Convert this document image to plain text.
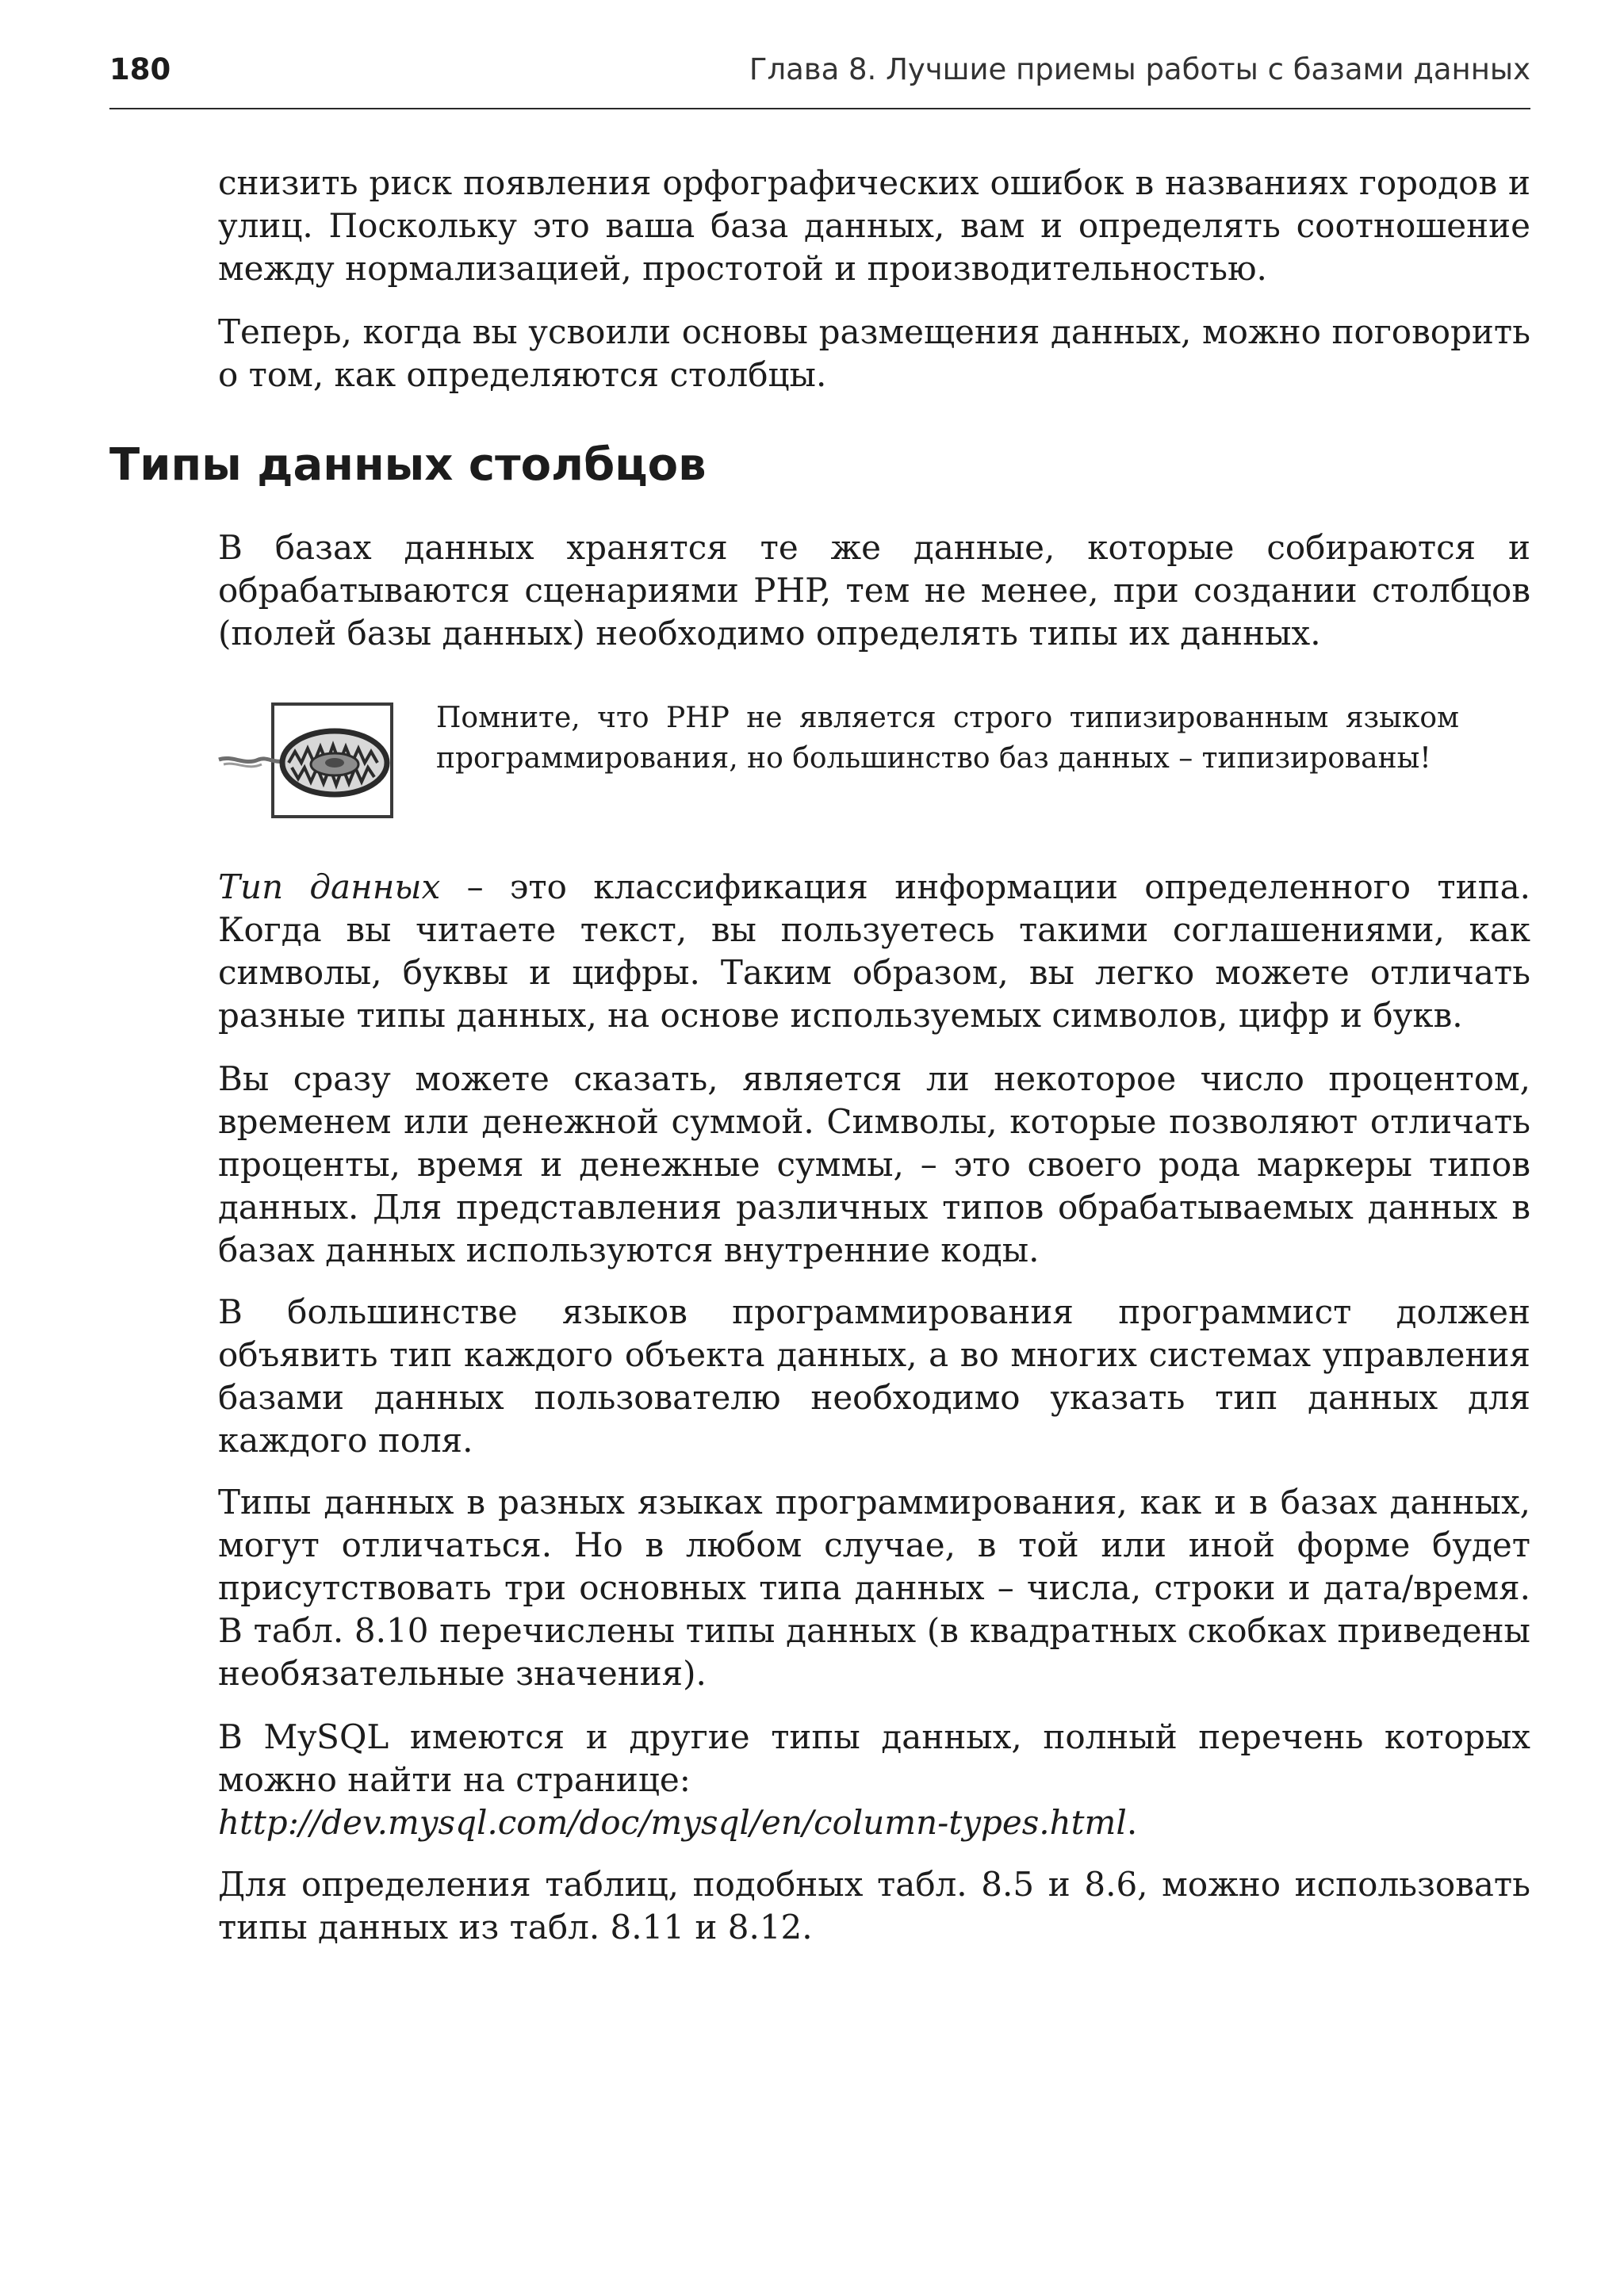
180	Глава 8. Лучшие приемы работы с базами данных

снизить риск появления орфографических ошибок в названиях городов и улиц. Поскольку это ваша база данных, вам и определять соотношение между нормализацией, простотой и производительностью.

Теперь, когда вы усвоили основы размещения данных, можно поговорить о том, как определяются столбцы.

Типы данных столбцов

В базах данных хранятся те же данные, которые собираются и обрабатываются сценариями PHP, тем не менее, при создании столбцов (полей базы данных) необходимо определять типы их данных.

Помните, что PHP не является строго типизированным языком программирования, но большинство баз данных – типизированы!

Тип данных – это классификация информации определенного типа. Когда вы читаете текст, вы пользуетесь такими соглашениями, как символы, буквы и цифры. Таким образом, вы легко можете отличать разные типы данных, на основе используемых символов, цифр и букв.

Вы сразу можете сказать, является ли некоторое число процентом, временем или денежной суммой. Символы, которые позволяют отличать проценты, время и денежные суммы, – это своего рода маркеры типов данных. Для представления различных типов обрабатываемых данных в базах данных используются внутренние коды.

В большинстве языков программирования программист должен объявить тип каждого объекта данных, а во многих системах управления базами данных пользователю необходимо указать тип данных для каждого поля.

Типы данных в разных языках программирования, как и в базах данных, могут отличаться. Но в любом случае, в той или иной форме будет присутствовать три основных типа данных – числа, строки и дата/время. В табл. 8.10 перечислены типы данных (в квадратных скобках приведены необязательные значения).

В MySQL имеются и другие типы данных, полный перечень которых можно найти на странице:
http://dev.mysql.com/doc/mysql/en/column-types.html.

Для определения таблиц, подобных табл. 8.5 и 8.6, можно использовать типы данных из табл. 8.11 и 8.12.
